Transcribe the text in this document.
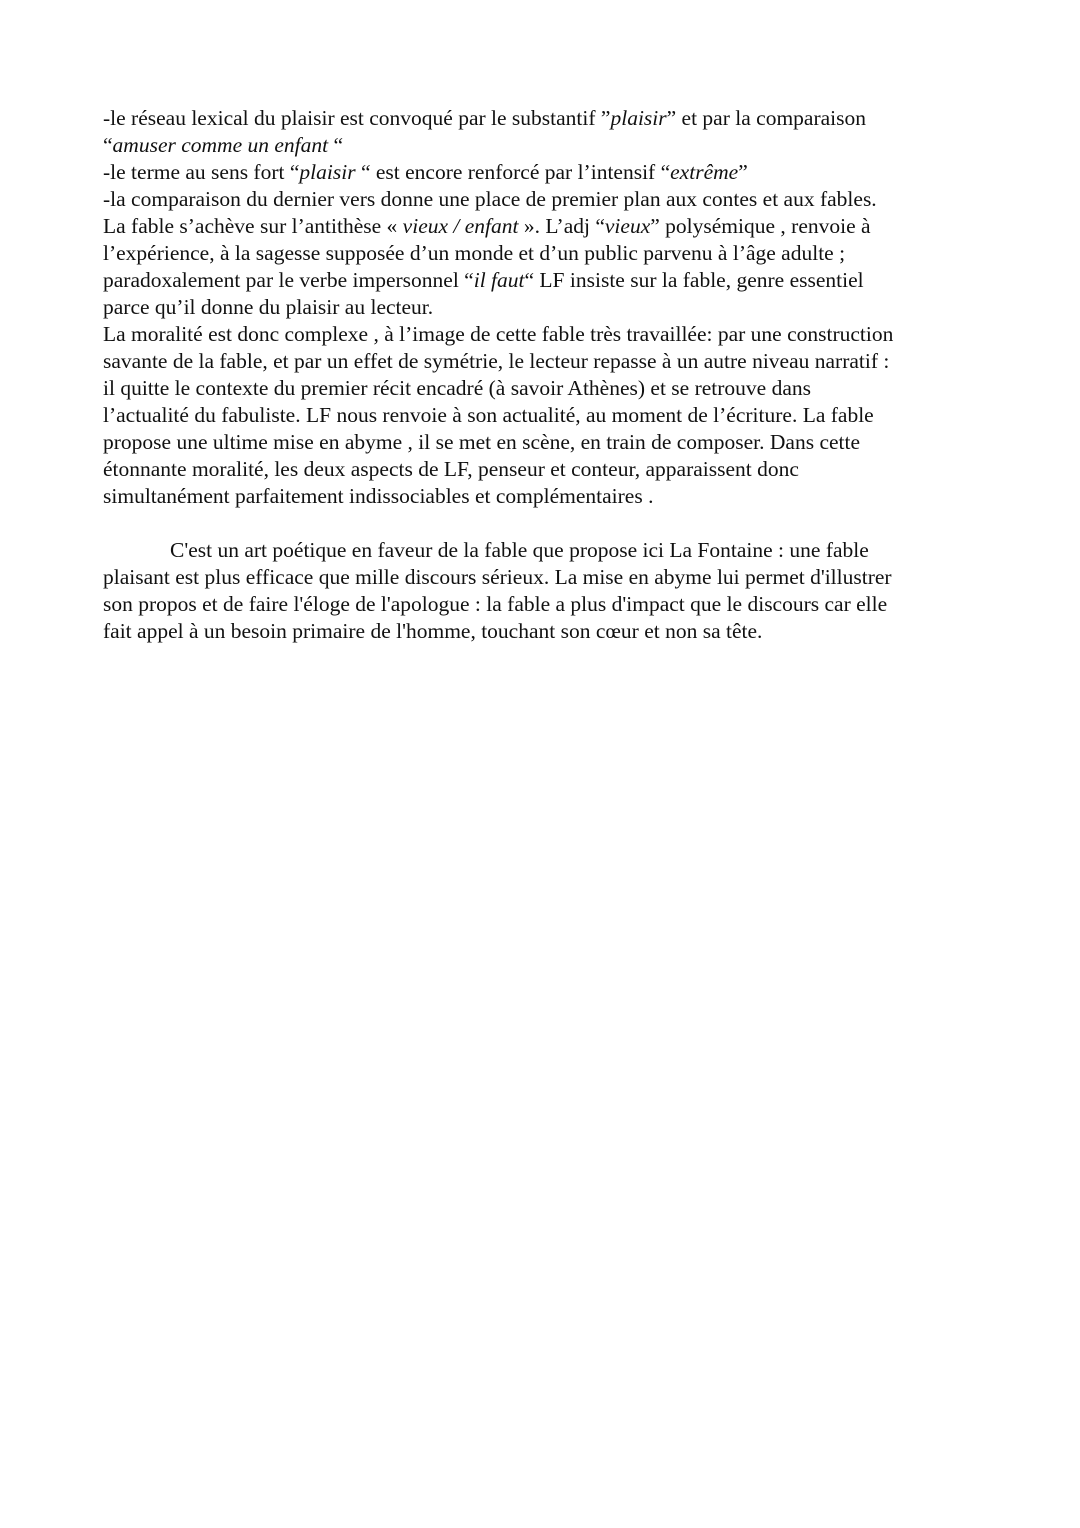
-le réseau lexical du plaisir est convoqué par le substantif ”plaisir” et par la comparaison
“amuser comme un enfant “
-le terme au sens fort “plaisir “ est encore renforcé par l’intensif “extrême”
-la comparaison du dernier vers donne une place de premier plan aux contes et aux fables.
La fable s’achève sur l’antithèse « vieux / enfant ». L’adj “vieux” polysémique , renvoie à
l’expérience, à la sagesse supposée d’un monde et d’un public parvenu à l’âge adulte ;
paradoxalement par le verbe impersonnel “il faut“ LF insiste sur la fable, genre essentiel
parce qu’il donne du plaisir au lecteur.
La moralité est donc complexe , à l’image de cette fable très travaillée: par une construction
savante de la fable, et par un effet de symétrie, le lecteur repasse à un autre niveau narratif :
il quitte le contexte du premier récit encadré (à savoir Athènes) et se retrouve dans
l’actualité du fabuliste. LF nous renvoie à son actualité, au moment de l’écriture. La fable
propose une ultime mise en abyme , il se met en scène, en train de composer. Dans cette
étonnante moralité, les deux aspects de LF, penseur et conteur, apparaissent donc
simultanément parfaitement indissociables et complémentaires .
C'est un art poétique en faveur de la fable que propose ici La Fontaine : une fable
plaisant est plus efficace que mille discours sérieux. La mise en abyme lui permet d'illustrer
son propos et de faire l'éloge de l'apologue : la fable a plus d'impact que le discours car elle
fait appel à un besoin primaire de l'homme, touchant son cœur et non sa tête.
